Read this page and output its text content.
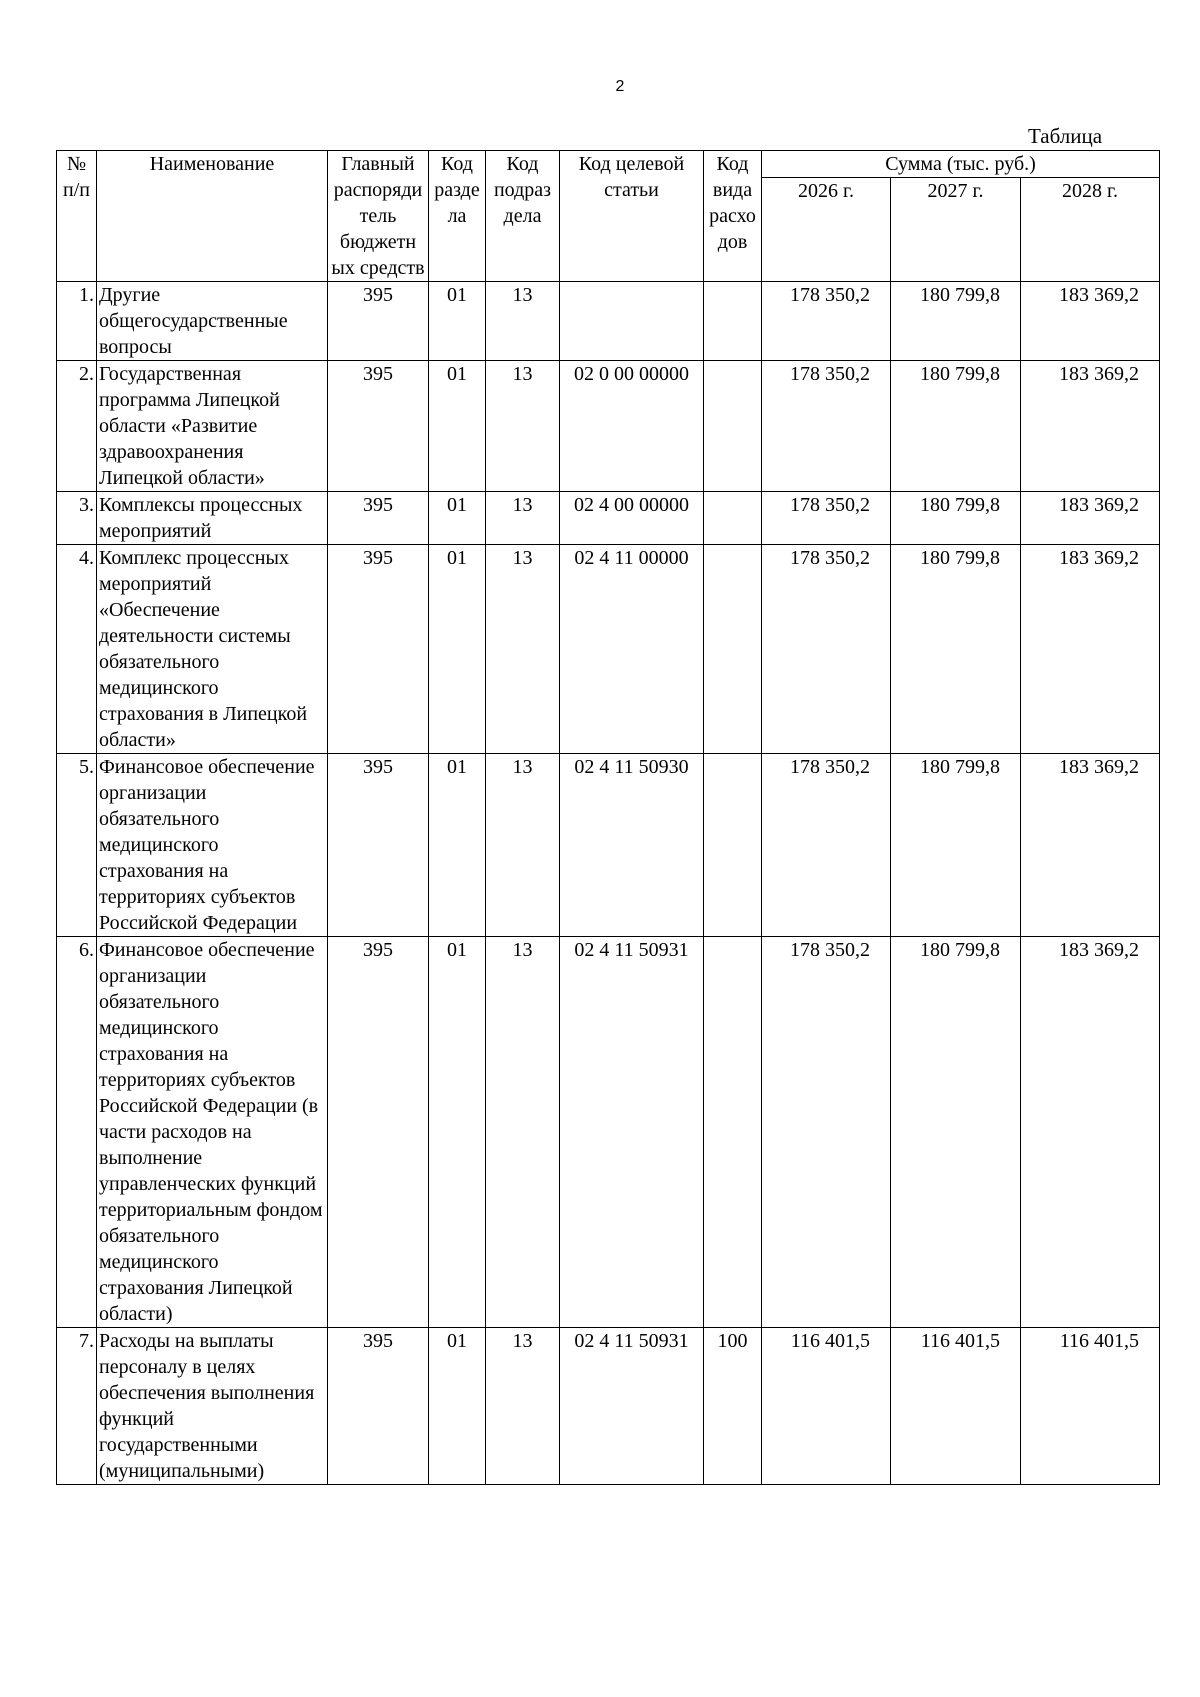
2
Таблица
№ п/п	Наименование	Главный распоряди тель бюджетн ых средств	Код разде ла	Код подраз дела	Код целевой статьи	Код вида расхо дов	Сумма (тыс. руб.)		
							2026 г.	2027 г.	2028 г.
1.	Другие общегосударственные вопросы	395	01	13			178 350,2	180 799,8	183 369,2
2.	Государственная программа Липецкой области «Развитие здравоохранения Липецкой области»	395	01	13	02 0 00 00000		178 350,2	180 799,8	183 369,2
3.	Комплексы процессных мероприятий	395	01	13	02 4 00 00000		178 350,2	180 799,8	183 369,2
4.	Комплекс процессных мероприятий «Обеспечение деятельности системы обязательного медицинского страхования в Липецкой области»	395	01	13	02 4 11 00000		178 350,2	180 799,8	183 369,2
5.	Финансовое обеспечение организации обязательного медицинского страхования на территориях субъектов Российской Федерации	395	01	13	02 4 11 50930		178 350,2	180 799,8	183 369,2
6.	Финансовое обеспечение организации обязательного медицинского страхования на территориях субъектов Российской Федерации (в части расходов на выполнение управленческих функций территориальным фондом обязательного медицинского страхования Липецкой области)	395	01	13	02 4 11 50931		178 350,2	180 799,8	183 369,2
7.	Расходы на выплаты персоналу в целях обеспечения выполнения функций государственными (муниципальными)	395	01	13	02 4 11 50931	100	116 401,5	116 401,5	116 401,5
